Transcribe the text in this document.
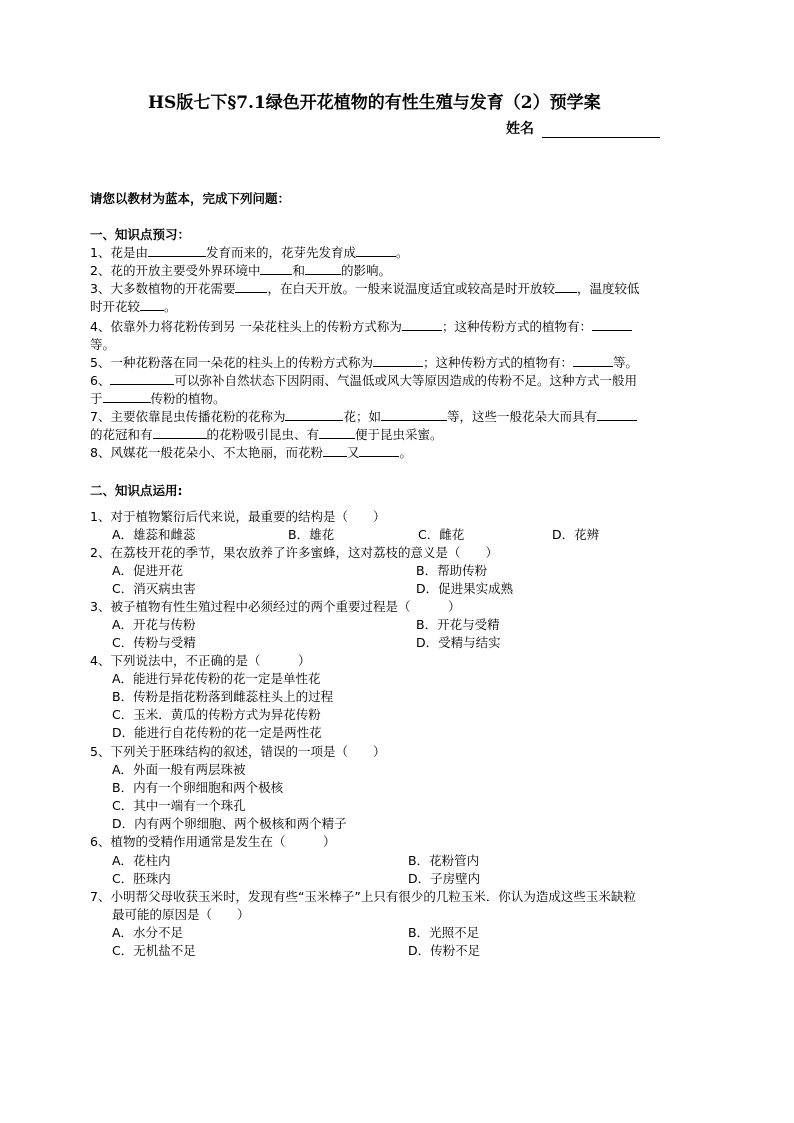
HS版七下§7.1绿色开花植物的有性生殖与发育（2）预学案
姓名
请您以教材为蓝本，完成下列问题：
一、知识点预习：
1、花是由	发育而来的，花芽先发育成	。
2、花的开放主要受外界环境中	和	的影响。
3、大多数植物的开花需要	，在白天开放。一般来说温度适宜或较高是时开放较 ，温度较低
时开花较 。
4、依靠外力将花粉传到另 一朵花柱头上的传粉方式称为	；这种传粉方式的植物有：
等。
5、一种花粉落在同一朵花的柱头上的传粉方式称为	；这种传粉方式的植物有：	等。
6、	可以弥补自然状态下因阴雨、气温低或风大等原因造成的传粉不足。这种方式一般用
于	传粉的植物。
7、主要依靠昆虫传播花粉的花称为	花；如	等，这些一般花朵大而具有
的花冠和有	的花粉吸引昆虫、有	便于昆虫采蜜。
8、风媒花一般花朵小、不太艳丽，而花粉 又	。
二、知识点运用:
1、对于植物繁衍后代来说，最重要的结构是（　　）
A．雄蕊和雌蕊	B．雄花	C．雌花	D．花辨
2、在荔枝开花的季节，果农放养了许多蜜蜂，这对荔枝的意义是（　　）
A．促进开花	B．帮助传粉
C．消灭病虫害	D．促进果实成熟
3、被子植物有性生殖过程中必须经过的两个重要过程是（　　　）
A．开花与传粉	B．开花与受精
C．传粉与受精	D．受精与结实
4、下列说法中，不正确的是（　　　）
A．能进行异花传粉的花一定是单性花
B．传粉是指花粉落到雌蕊柱头上的过程
C．玉米．黄瓜的传粉方式为异花传粉
D．能进行自花传粉的花一定是两性花
5、下列关于胚珠结构的叙述，错误的一项是（　　）
A．外面一般有两层珠被
B．内有一个卵细胞和两个极核
C．其中一端有一个珠孔
D．内有两个卵细胞、两个极核和两个精子
6、植物的受精作用通常是发生在（　　　）
A．花柱内	B．花粉管内
C．胚珠内	D．子房壁内
7、小明帮父母收获玉米时，发现有些“玉米棒子”上只有很少的几粒玉米．你认为造成这些玉米缺粒
最可能的原因是（　　）
A．水分不足	B．光照不足
C．无机盐不足	D．传粉不足
